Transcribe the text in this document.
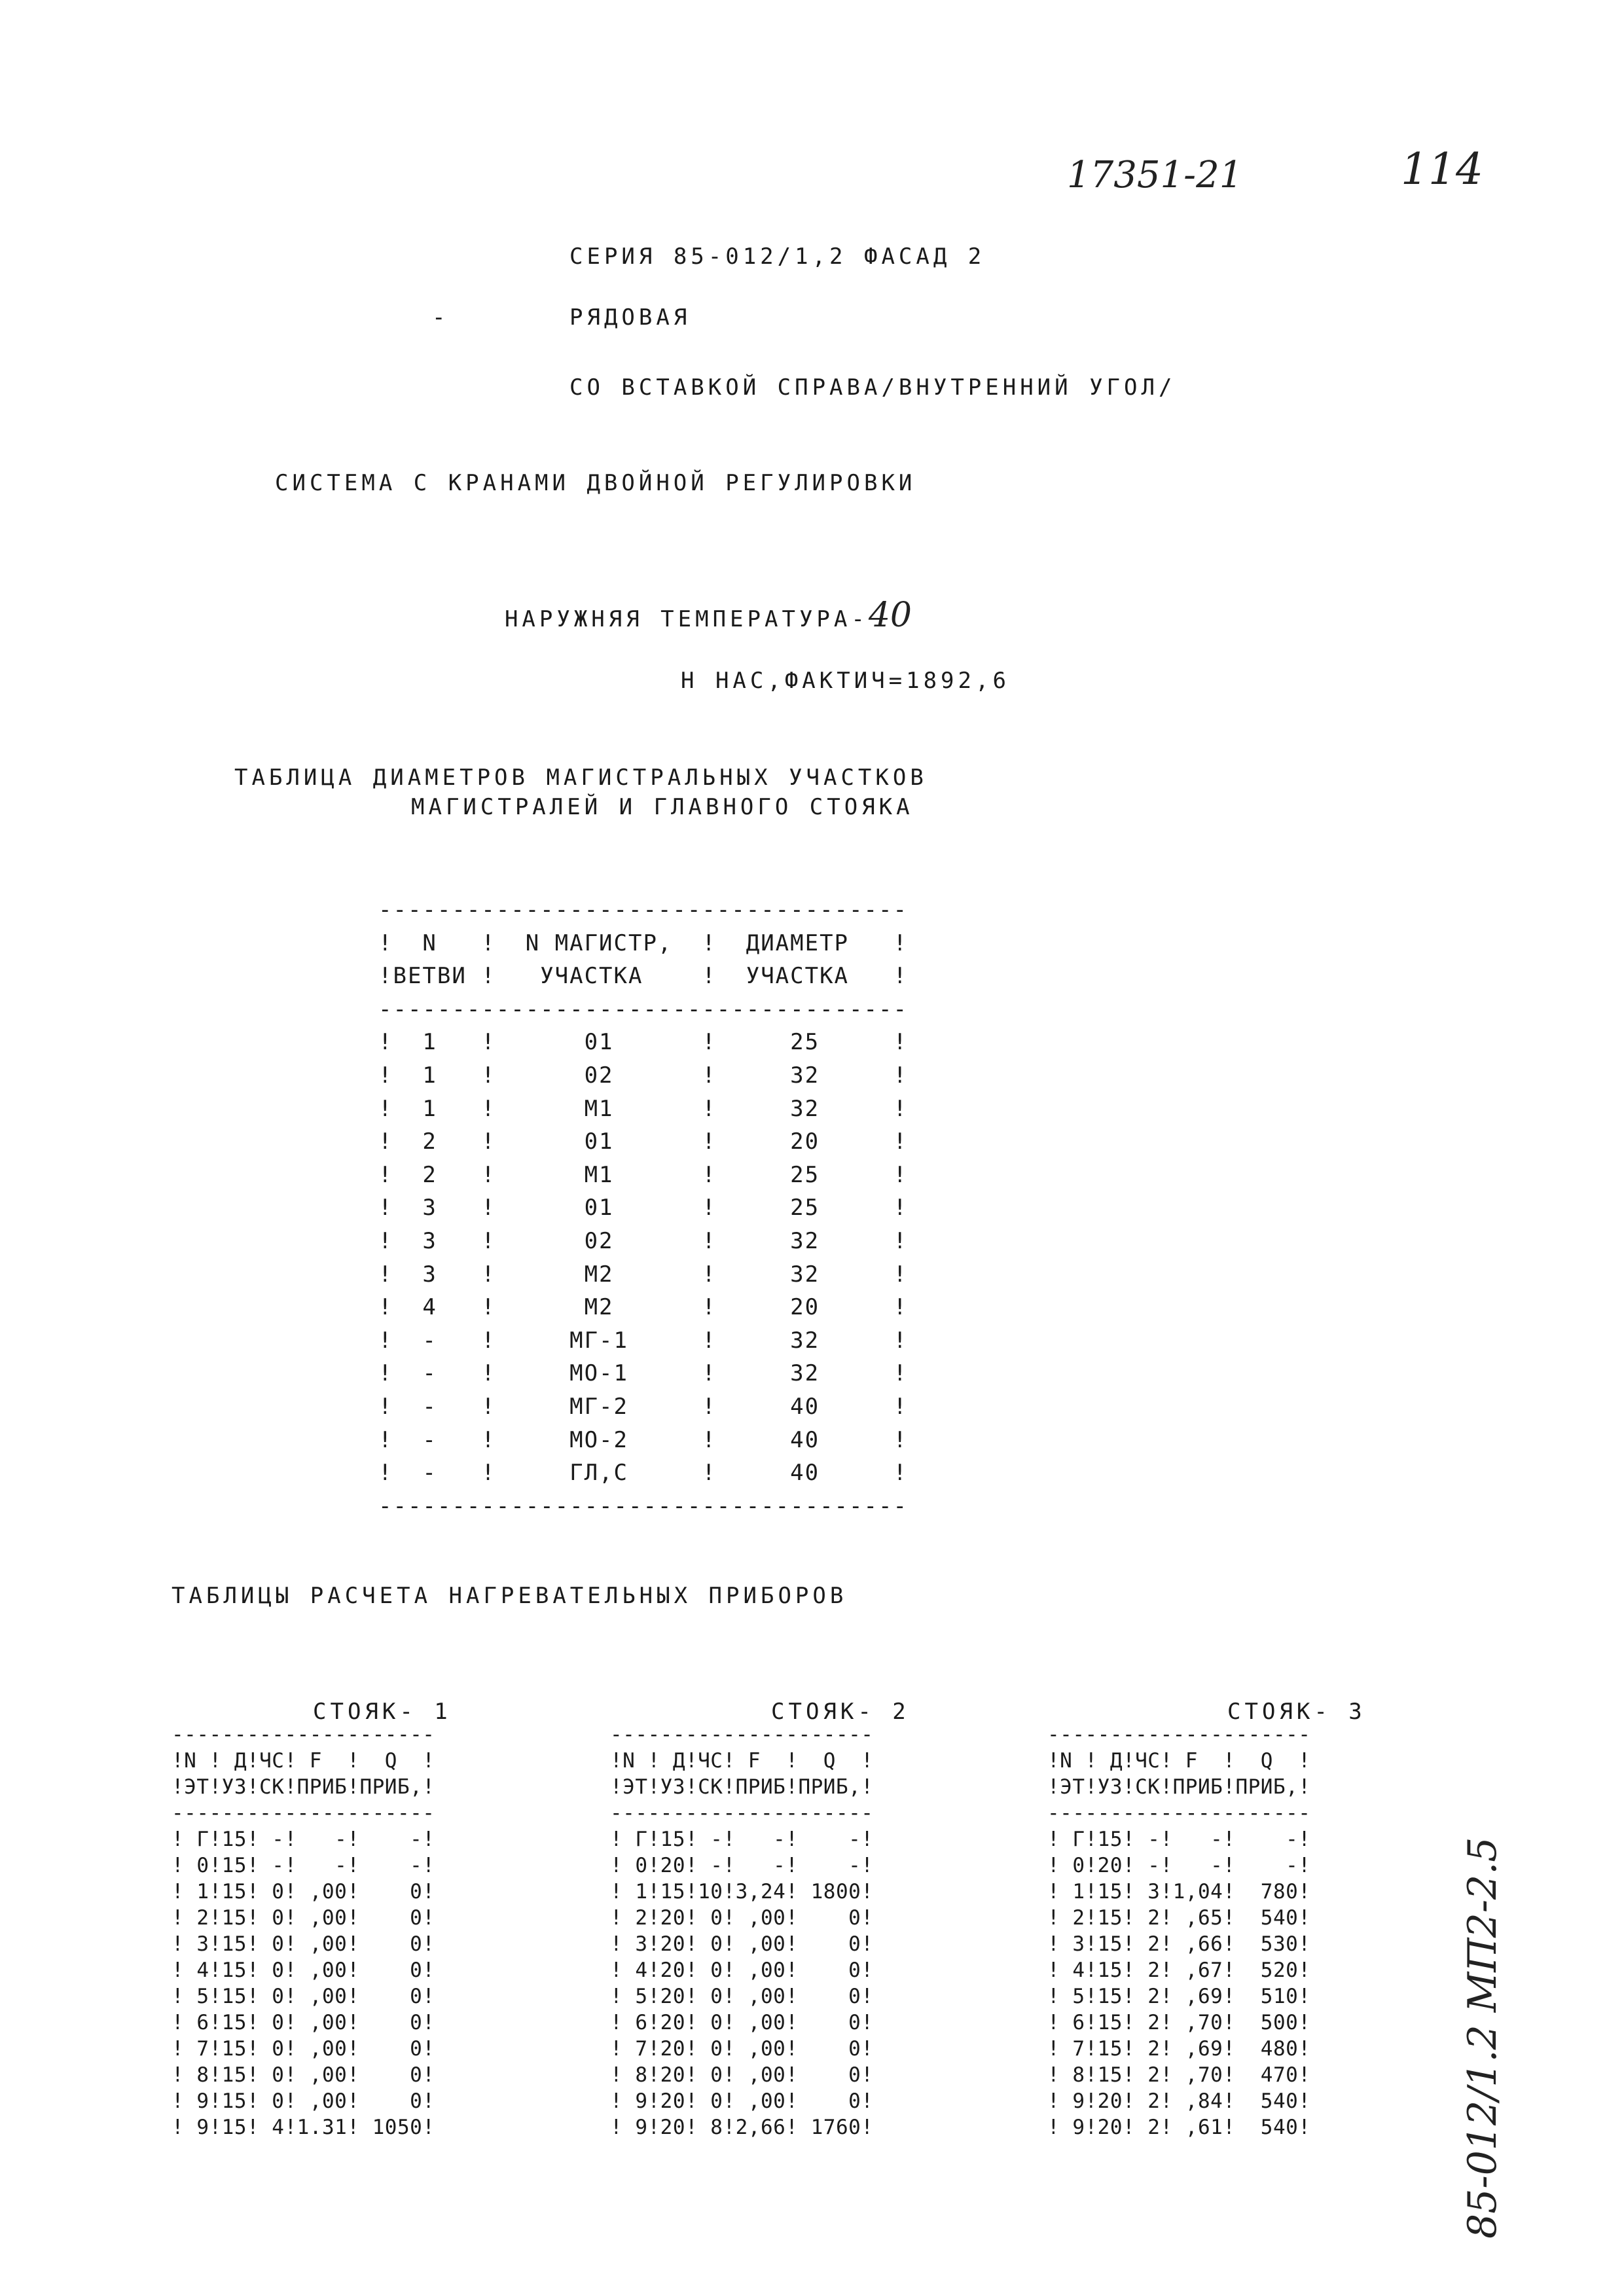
17351-21	114
85-012/1.2 МП2-2.5
СЕРИЯ 85-012/1,2 ФАСАД 2
-	РЯДОВАЯ
СО ВСТАВКОЙ СПРАВА/ВНУТРЕННИЙ УГОЛ/
СИСТЕМА С КРАНАМИ ДВОЙНОЙ РЕГУЛИРОВКИ

НАРУЖНЯЯ ТЕМПЕРАТУРА-40

Н НАС,ФАКТИЧ=1892,6
ТАБЛИЦА ДИАМЕТРОВ МАГИСТРАЛЬНЫХ УЧАСТКОВ
МАГИСТРАЛЕЙ И ГЛАВНОГО СТОЯКА
------------------------------------
!  N   !  N МАГИСТР,  !  ДИАМЕТР   !
!ВЕТВИ !   УЧАСТКА    !  УЧАСТКА   !
------------------------------------
!  1   !      01      !     25     !
!  1   !      02      !     32     !
!  1   !      М1      !     32     !
!  2   !      01      !     20     !
!  2   !      М1      !     25     !
!  3   !      01      !     25     !
!  3   !      02      !     32     !
!  3   !      М2      !     32     !
!  4   !      М2      !     20     !
!  -   !     МГ-1     !     32     !
!  -   !     МО-1     !     32     !
!  -   !     МГ-2     !     40     !
!  -   !     МО-2     !     40     !
!  -   !     ГЛ,С     !     40     !
------------------------------------

ТАБЛИЦЫ РАСЧЕТА НАГРЕВАТЕЛЬНЫХ ПРИБОРОВ
СТОЯК- 1	СТОЯК- 2	СТОЯК- 3
---------------------
!N ! Д!ЧС! F  !  Q  !
!ЭТ!УЗ!СК!ПРИБ!ПРИБ,!
---------------------
! Г!15! -!   -!    -!
! 0!15! -!   -!    -!
! 1!15! 0! ,00!    0!
! 2!15! 0! ,00!    0!
! 3!15! 0! ,00!    0!
! 4!15! 0! ,00!    0!
! 5!15! 0! ,00!    0!
! 6!15! 0! ,00!    0!
! 7!15! 0! ,00!    0!
! 8!15! 0! ,00!    0!
! 9!15! 0! ,00!    0!
! 9!15! 4!1.31! 1050!

---------------------
!N ! Д!ЧС! F  !  Q  !
!ЭТ!УЗ!СК!ПРИБ!ПРИБ,!
---------------------
! Г!15! -!   -!    -!
! 0!20! -!   -!    -!
! 1!15!10!3,24! 1800!
! 2!20! 0! ,00!    0!
! 3!20! 0! ,00!    0!
! 4!20! 0! ,00!    0!
! 5!20! 0! ,00!    0!
! 6!20! 0! ,00!    0!
! 7!20! 0! ,00!    0!
! 8!20! 0! ,00!    0!
! 9!20! 0! ,00!    0!
! 9!20! 8!2,66! 1760!

---------------------
!N ! Д!ЧС! F  !  Q  !
!ЭТ!УЗ!СК!ПРИБ!ПРИБ,!
---------------------
! Г!15! -!   -!    -!
! 0!20! -!   -!    -!
! 1!15! 3!1,04!  780!
! 2!15! 2! ,65!  540!
! 3!15! 2! ,66!  530!
! 4!15! 2! ,67!  520!
! 5!15! 2! ,69!  510!
! 6!15! 2! ,70!  500!
! 7!15! 2! ,69!  480!
! 8!15! 2! ,70!  470!
! 9!20! 2! ,84!  540!
! 9!20! 2! ,61!  540!
